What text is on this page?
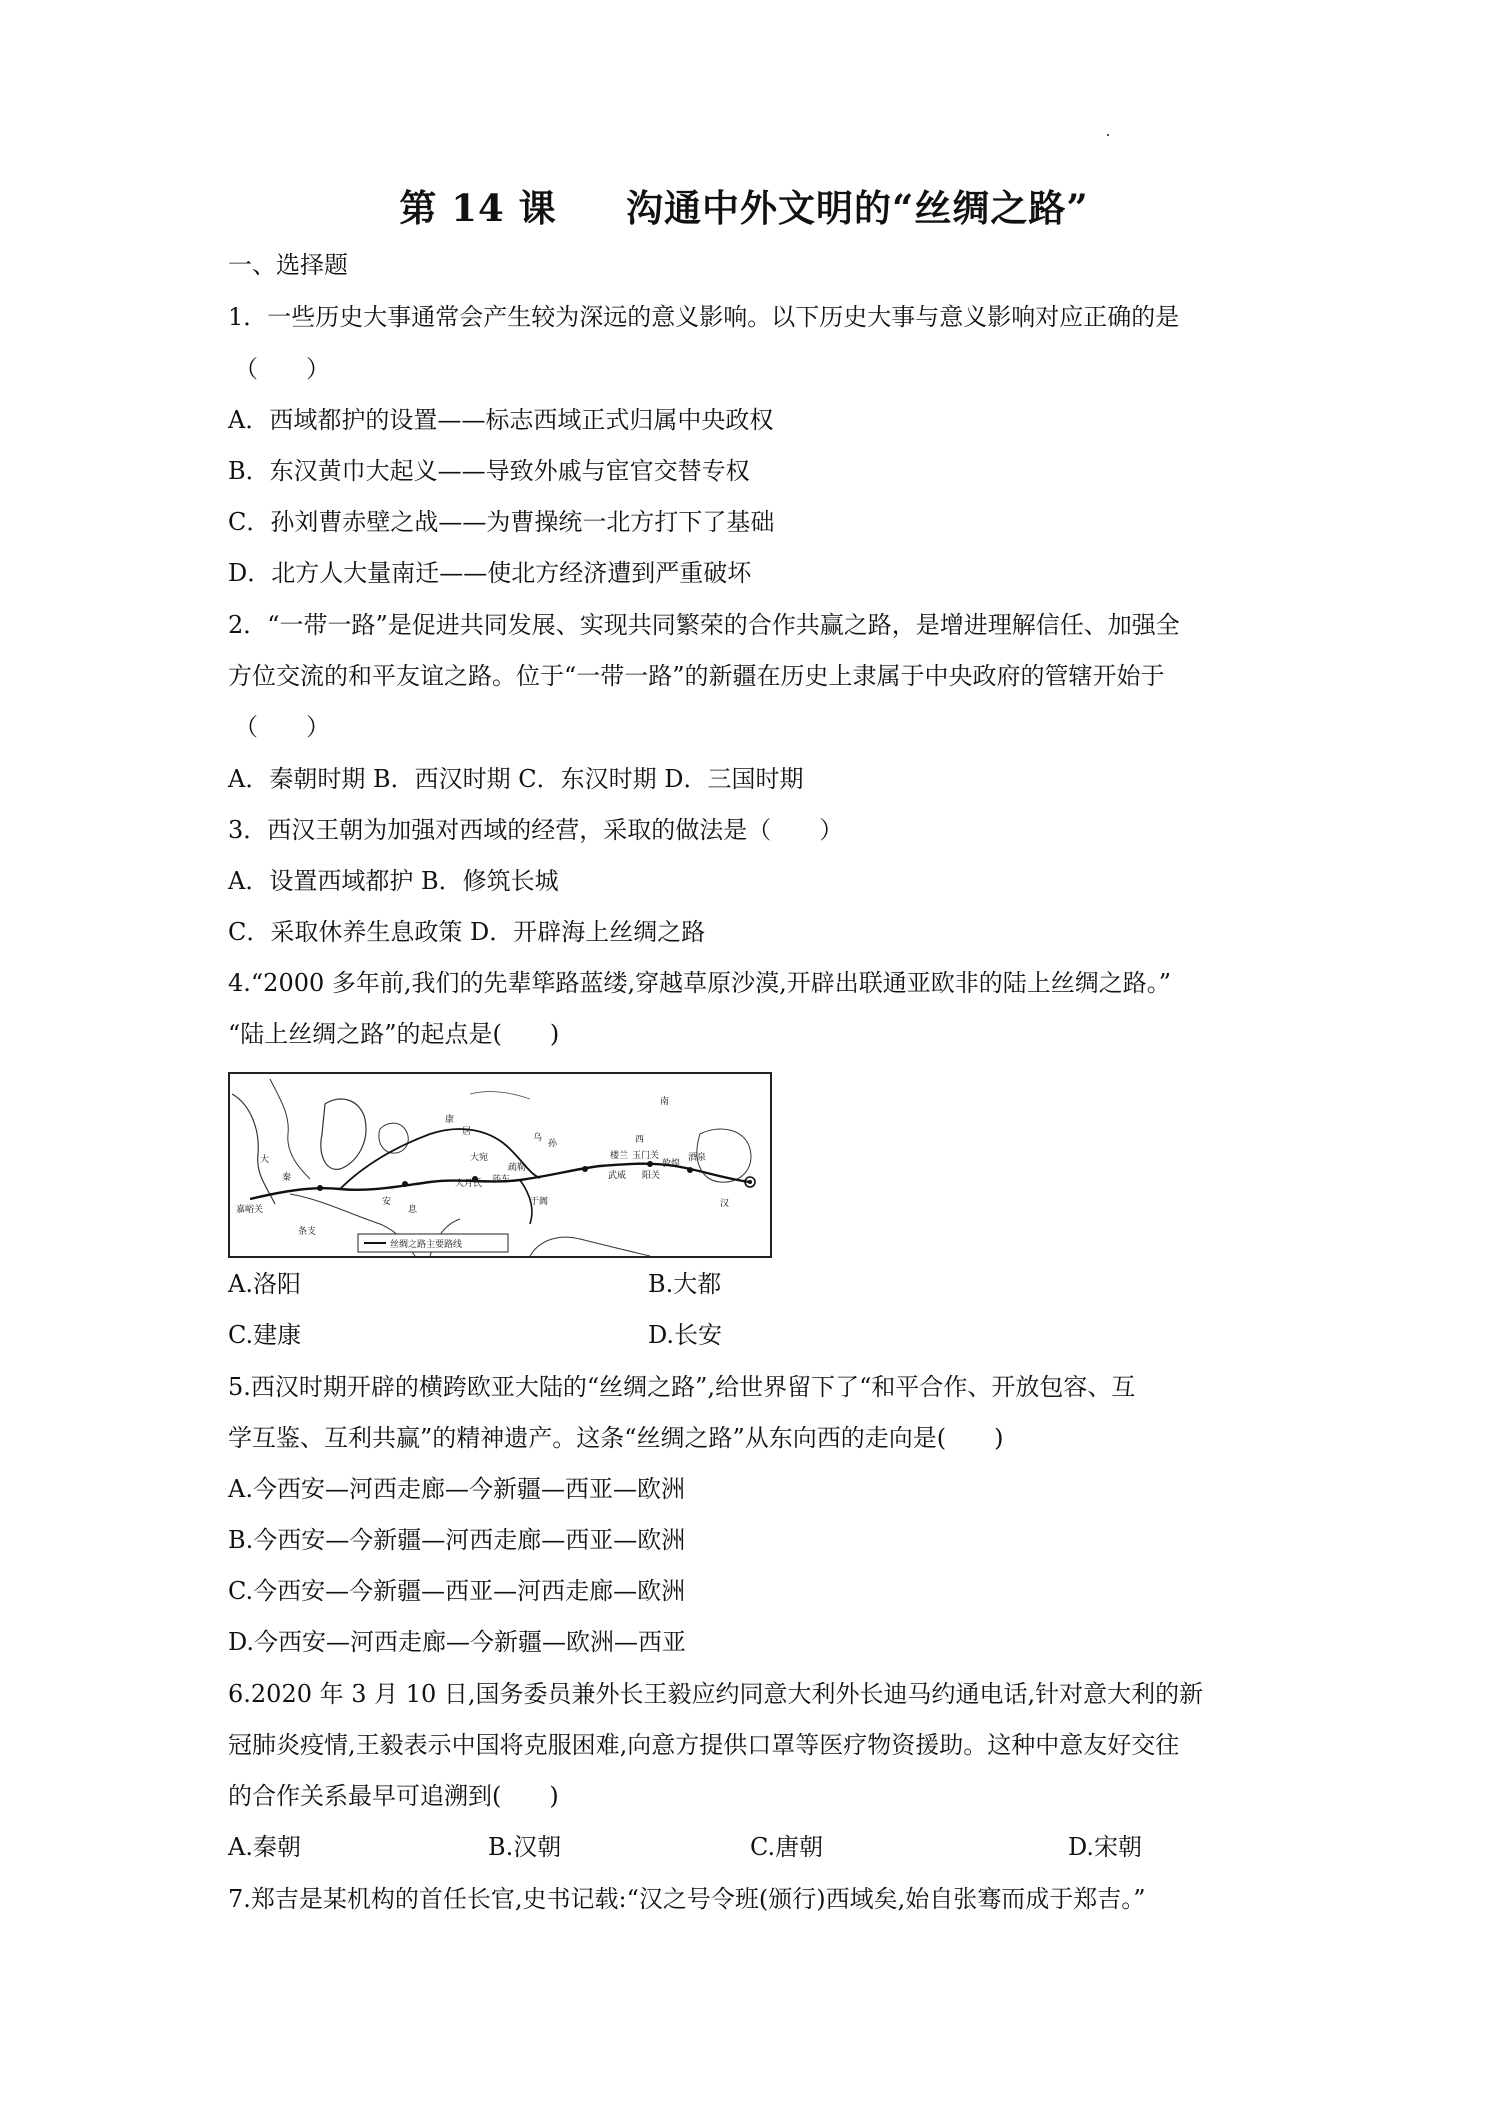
第 14 课     沟通中外文明的“丝绸之路”
一、选择题
1．一些历史大事通常会产生较为深远的意义影响。以下历史大事与意义影响对应正确的是
（　　）
A．西域都护的设置——标志西域正式归属中央政权
B．东汉黄巾大起义——导致外戚与宦官交替专权
C．孙刘曹赤壁之战——为曹操统一北方打下了基础
D．北方人大量南迁——使北方经济遭到严重破坏
2．“一带一路”是促进共同发展、实现共同繁荣的合作共赢之路，是增进理解信任、加强全
方位交流的和平友谊之路。位于“一带一路”的新疆在历史上隶属于中央政府的管辖开始于
（　　）
A．秦朝时期 B．西汉时期 C．东汉时期 D．三国时期
3．西汉王朝为加强对西域的经营，采取的做法是（　　）
A．设置西域都护 B．修筑长城
C．采取休养生息政策 D．开辟海上丝绸之路
4.“2000 多年前,我们的先辈筚路蓝缕,穿越草原沙漠,开辟出联通亚欧非的陆上丝绸之路。”
“陆上丝绸之路”的起点是(　　)
康
居
乌
孙
大宛
疏勒
大月氏 莎车
楼兰 玉门关
阳关
敦煌
酒泉
武威
于阗
安
息
大
秦
条支
嘉峪关
西
汉
南
丝绸之路主要路线
A.洛阳	B.大都
C.建康	D.长安
5.西汉时期开辟的横跨欧亚大陆的“丝绸之路”,给世界留下了“和平合作、开放包容、互
学互鉴、互利共赢”的精神遗产。这条“丝绸之路”从东向西的走向是(　　)
A.今西安—河西走廊—今新疆—西亚—欧洲
B.今西安—今新疆—河西走廊—西亚—欧洲
C.今西安—今新疆—西亚—河西走廊—欧洲
D.今西安—河西走廊—今新疆—欧洲—西亚
6.2020 年 3 月 10 日,国务委员兼外长王毅应约同意大利外长迪马约通电话,针对意大利的新
冠肺炎疫情,王毅表示中国将克服困难,向意方提供口罩等医疗物资援助。这种中意友好交往
的合作关系最早可追溯到(　　)
A.秦朝	B.汉朝	C.唐朝	D.宋朝
7.郑吉是某机构的首任长官,史书记载:“汉之号令班(颁行)西域矣,始自张骞而成于郑吉。”
